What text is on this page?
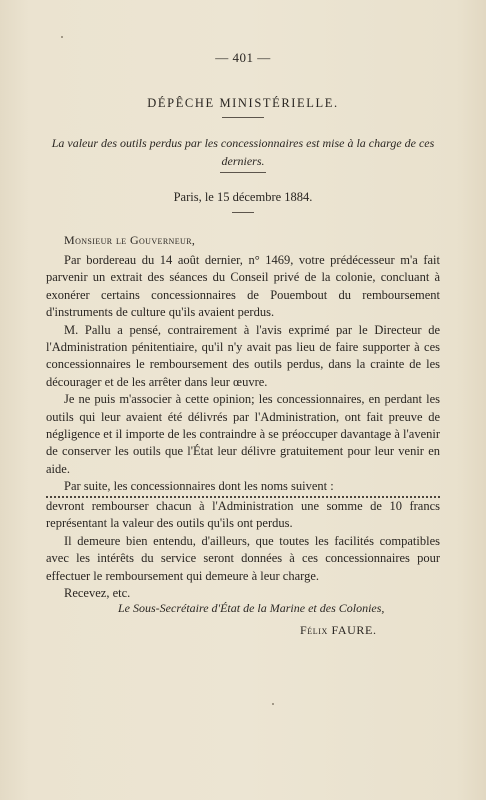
— 401 —
DÉPÊCHE MINISTÉRIELLE.
La valeur des outils perdus par les concessionnaires est mise à la charge de ces derniers.
Paris, le 15 décembre 1884.
Monsieur le Gouverneur,

Par bordereau du 14 août dernier, n° 1469, votre prédécesseur m'a fait parvenir un extrait des séances du Conseil privé de la colonie, concluant à exonérer certains concessionnaires de Pouembout du remboursement d'instruments de culture qu'ils avaient perdus.

M. Pallu a pensé, contrairement à l'avis exprimé par le Directeur de l'Administration pénitentiaire, qu'il n'y avait pas lieu de faire supporter à ces concessionnaires le remboursement des outils perdus, dans la crainte de les décourager et de les arrêter dans leur œuvre.

Je ne puis m'associer à cette opinion; les concessionnaires, en perdant les outils qui leur avaient été délivrés par l'Administration, ont fait preuve de négligence et il importe de les contraindre à se préoccuper davantage à l'avenir de conserver les outils que l'État leur délivre gratuitement pour leur venir en aide.

Par suite, les concessionnaires dont les noms suivent :

devront rembourser chacun à l'Administration une somme de 10 francs représentant la valeur des outils qu'ils ont perdus.

Il demeure bien entendu, d'ailleurs, que toutes les facilités compatibles avec les intérêts du service seront données à ces concessionnaires pour effectuer le remboursement qui demeure à leur charge.

Recevez, etc.

Le Sous-Secrétaire d'État de la Marine et des Colonies,
Félix FAURE.
